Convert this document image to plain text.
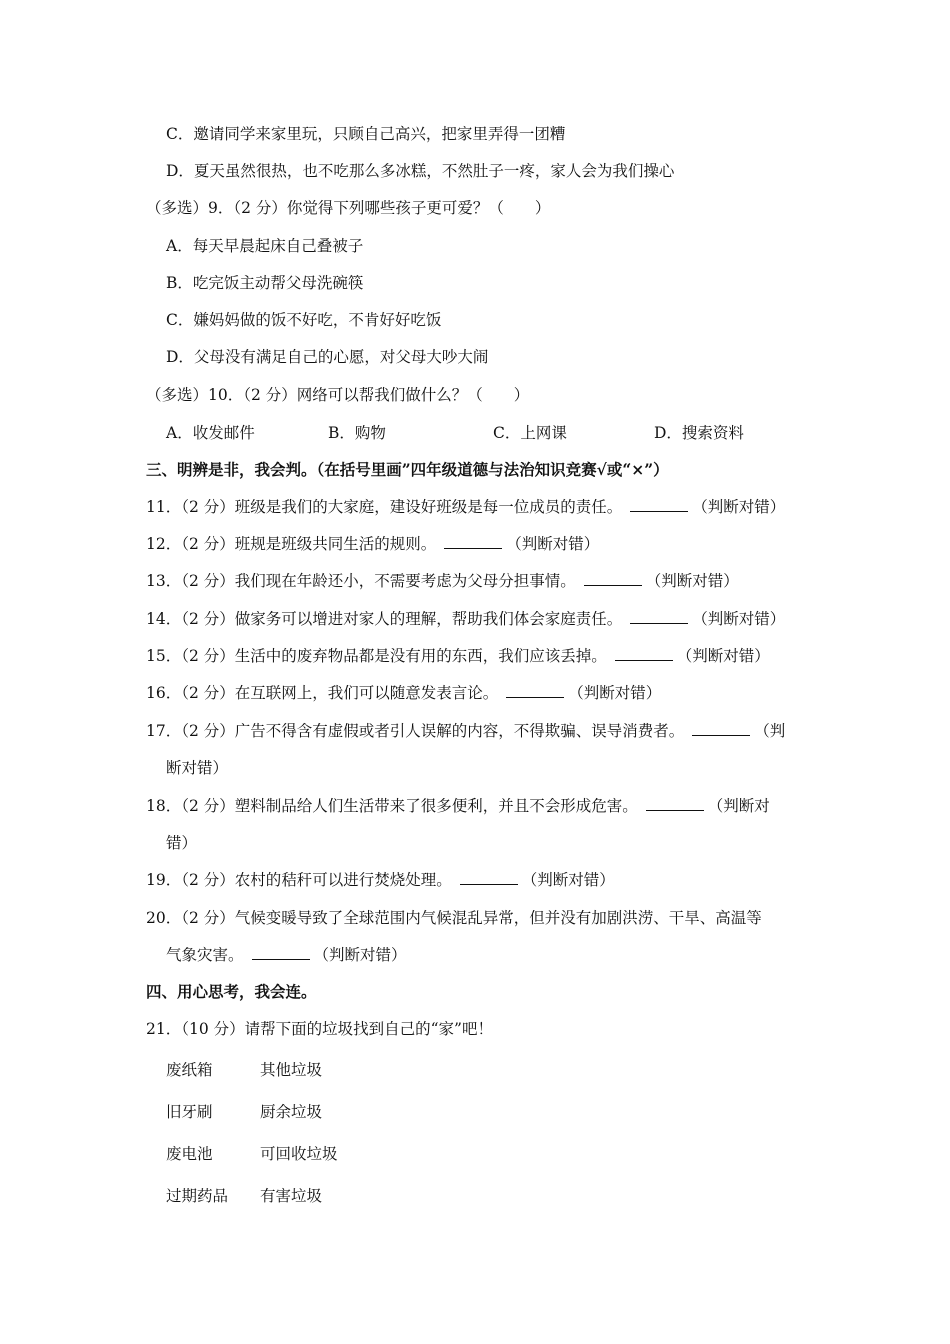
C．邀请同学来家里玩，只顾自己高兴，把家里弄得一团糟
D．夏天虽然很热，也不吃那么多冰糕，不然肚子一疼，家人会为我们操心
（多选）9．（2 分）你觉得下列哪些孩子更可爱？（　　）
A．每天早晨起床自己叠被子
B．吃完饭主动帮父母洗碗筷
C．嫌妈妈做的饭不好吃，不肯好好吃饭
D．父母没有满足自己的心愿，对父母大吵大闹
（多选）10．（2 分）网络可以帮我们做什么？（　　）
A．收发邮件	B．购物	C．上网课	D．搜索资料
三、明辨是非，我会判。（在括号里画”四年级道德与法治知识竞赛√或“×”）
11．（2 分）班级是我们的大家庭，建设好班级是每一位成员的责任。	（判断对错）
12．（2 分）班规是班级共同生活的规则。	（判断对错）
13．（2 分）我们现在年龄还小，不需要考虑为父母分担事情。	（判断对错）
14．（2 分）做家务可以增进对家人的理解，帮助我们体会家庭责任。	（判断对错）
15．（2 分）生活中的废弃物品都是没有用的东西，我们应该丢掉。	（判断对错）
16．（2 分）在互联网上，我们可以随意发表言论。	（判断对错）
17．（2 分）广告不得含有虚假或者引人误解的内容，不得欺骗、误导消费者。	（判
断对错）
18．（2 分）塑料制品给人们生活带来了很多便利，并且不会形成危害。	（判断对
错）
19．（2 分）农村的秸秆可以进行焚烧处理。	（判断对错）
20．（2 分）气候变暖导致了全球范围内气候混乱异常，但并没有加剧洪涝、干旱、高温等
气象灾害。	（判断对错）
四、用心思考，我会连。
21．（10 分）请帮下面的垃圾找到自己的“家”吧！
废纸箱	其他垃圾
旧牙刷	厨余垃圾
废电池	可回收垃圾
过期药品 有害垃圾
